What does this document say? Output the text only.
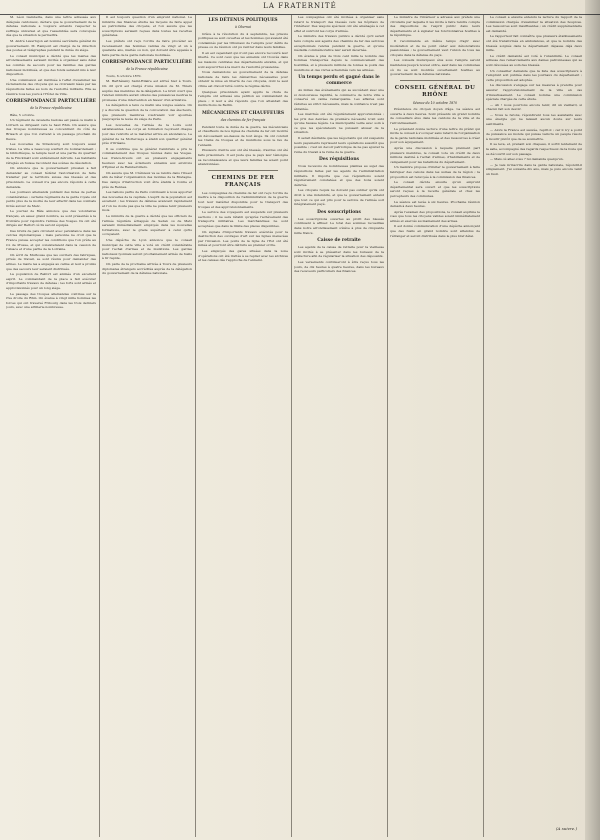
LA FRATERNITÉ

M. Léon Gambetta, dans une lettre adressée aux délégués cantonaux, déclare que le gouvernement de la défense nationale a toujours entendu respecter le suffrage universel et que l'assemblée sera convoquée dès que la situation le permettra.

M. André Lavertujon est nommé secrétaire général du gouvernement. M. Rampont est chargé de la direction des postes et télégraphes pendant la durée du siège.

Le conseil municipal a décidé que les maires des arrondissements seraient invités à organiser sans délai les comités de secours pour les familles des gardes nationaux mobilisés, et que des fonds seraient mis à leur disposition.

Une commission est instituée à l'effet d'examiner les réclamations des citoyens qui se croiraient lésés par les réquisitions faites au nom de l'autorité militaire. Elle se réunira tous les jours à l'Hôtel de Ville.

CORRESPONDANCE PARTICULIÈRE
de la France républicaine

Bâle, 5 octobre.

Un régiment de cavalerie badoise est passé ce matin à Lörrach se dirigeant vers le haut Rhin. On assure que des troupes nombreuses se concentrent du côté de Brisach et que l'on s'attend à un passage prochain du fleuve.

Les nouvelles de Strasbourg sont toujours aussi tristes. La ville a beaucoup souffert du bombardement ; la bibliothèque, le temple neuf et une partie du quartier de la Finckmatt sont entièrement détruits. Les habitants réfugiés en Suisse racontent des scènes de désolation.

On annonce que le gouvernement prussien a fait demander au conseil fédéral l'autorisation de faire transiter par le territoire suisse des blessés et des prisonniers. Le conseil n'a pas encore répondu à cette demande.

Les journaux allemands publient des listes de pertes considérables ; certains régiments de la garde royale ont perdu plus de la moitié de leur effectif dans les combats livrés autour de Metz.

Le journal de Bâle annonce que des volontaires français, en assez grand nombre, se sont présentés à la frontière pour rejoindre l'armée des Vosges. Ils ont été dirigés sur Belfort où ils seront équipés.

Des bruits de paix circulent avec persistance dans les cercles diplomatiques ; mais personne ne croit que la France puisse accepter les conditions que l'on prête au roi de Prusse, et qui consisteraient dans la cession de l'Alsace et d'une partie de la Lorraine.

On écrit de Mulhouse que les ouvriers des fabriques, privés de travail, se sont réunis pour demander des armes. Le maire les a engagés au calme et leur a promis que des secours leur seraient distribués.

La population de Belfort est animée d'un excellent esprit. Le commandant de la place a fait exécuter d'importants travaux de défense ; les forts sont armés et approvisionnés pour un long siège.

Le passage des troupes allemandes continue sur la rive droite du Rhin. On évalue à vingt mille hommes les forces qui ont traversé Fribourg dans les trois derniers jours, avec une artillerie nombreuse.

Il est toujours question d'un emprunt national. Le ministre des finances étudie les moyens de faire appel au patriotisme des citoyens, et l'on assure que les souscriptions seraient reçues dans toutes les recettes générales.

Les préfets ont reçu l'ordre de faire procéder au recensement des hommes valides de vingt et un à quarante ans, mariés ou non, qui doivent être appelés à faire partie de la garde nationale mobilisée.

CORRESPONDANCE PARTICULIÈRE
de la France républicaine

Tours, 6 octobre 1870.

M. Barthélemy Saint-Hilaire est arrivé hier à Tours. On dit qu'il est chargé d'une mission de M. Thiers auprès des membres de la délégation. Le bruit court que l'ancien ministre aurait obtenu des puissances neutres la promesse d'une intervention en faveur d'un armistice.

La délégation a tenu ce matin une longue séance. On y a discuté la question de la convocation des électeurs, que plusieurs membres voudraient voir ajournée jusqu'après la levée du siège de Paris.

Les nouvelles de l'armée de la Loire sont satisfaisantes. Les corps en formation reçoivent chaque jour des renforts et le matériel arrive en abondance. Le général de La Motterouge a établi son quartier général près d'Orléans.

Il se confirme que le général Cambriels a pris le commandement des troupes réunies dans les Vosges. Les francs-tireurs ont eu plusieurs engagements heureux avec les éclaireurs ennemis aux environs d'Épinal et de Rambervillers.

On assure que M. Crémieux va se rendre dans l'Ouest afin de hâter l'organisation des mobiles de la Bretagne. Des camps d'instruction vont être établis à Conlie et près de Rennes.

Les ballons partis de Paris continuent à nous apporter des nouvelles de la capitale. L'esprit de la population est excellent ; les travaux de défense avancent rapidement et l'on ne doute pas que la ville ne puisse tenir plusieurs mois.

Le ministre de la guerre a décidé que les officiers de l'armée régulière échappés de Sedan ou de Metz seraient immédiatement employés dans les nouvelles formations, avec le grade supérieur à celui qu'ils occupaient.

Une dépêche de Lyon annonce que le conseil municipal de cette ville a voté un crédit considérable pour l'achat d'armes et de munitions. Les gardes nationaux lyonnais seront prochainement armés de fusils à tir rapide.

On parle de la prochaine arrivée à Tours de plusieurs diplomates étrangers accrédités auprès de la délégation du gouvernement de la défense nationale.

LES DÉTENUS POLITIQUES
à Obernai

Grâce à la révolution du 4 septembre, les prisons politiques se sont ouvertes et les hommes qui avaient été condamnés par les tribunaux de l'empire pour délits de presse ou de réunion ont pu rentrer dans leurs familles.

Il en est cependant qui n'ont pas encore recouvré leur liberté. Ce sont ceux que les ennemis ont trouvés dans les maisons centrales des départements envahis, et qui sont aujourd'hui à la merci de l'autorité prussienne.

Nous demandons au gouvernement de la défense nationale de faire les démarches nécessaires pour obtenir la mise en liberté de ces citoyens, dont le seul crime est d'avoir lutté contre le régime déchu.

Quelques prisonniers ayant appris la chute de l'empire ont adressé une pétition au commandant de place ; il leur a été répondu que l'on attendait des instructions de Berlin.

MÉCANICIENS ET CHAUFFEURS
des chemins de fer français

Pendant toute la durée de la guerre, les mécaniciens et chauffeurs de nos lignes de chemins de fer ont montré un dévouement au-dessus de tout éloge. Ils ont conduit les trains de troupes et de munitions sous le feu de l'ennemi.

Plusieurs d'entre eux ont été blessés, d'autres ont été faits prisonniers. Il est juste que le pays leur témoigne sa reconnaissance et que leurs familles ne soient point abandonnées.

CHEMINS DE FER FRANÇAIS

Les compagnies de chemins de fer ont reçu l'ordre de mettre à la disposition de l'administration de la guerre tout leur matériel disponible pour le transport des troupes et des approvisionnements.

Le service des voyageurs est suspendu sur plusieurs sections ; il ne sera rétabli qu'après l'achèvement des transports militaires. Les marchandises ne sont acceptées que dans la limite des places disponibles.

On signale d'importants travaux exécutés pour la destruction des ouvrages d'art sur les lignes menacées par l'invasion. Les ponts de la ligne de l'Est ont été minés et pourront être détruits au premier ordre.

Les employés des gares situées dans la zone d'opérations ont été invités à se replier avec les archives et les caisses dès l'approche de l'ennemi.

Les compagnies ont été invitées à organiser sans retard le transport des blessés vers les hôpitaux de l'intérieur. Des wagons spéciaux ont été aménagés à cet effet et suivront les corps d'armée.

Le ministre des travaux publics a décidé qu'il serait tenu compte aux agents des chemins de fer des services exceptionnels rendus pendant la guerre, et qu'une médaille commémorative leur serait décernée.

On évalue à plus de trois cent mille le nombre des hommes transportés depuis le commencement des hostilités, et à plusieurs millions de tonnes le poids des munitions et des vivres acheminés vers les armées.

Un temps perdu et gagné dans le commerce

Au milieu des événements qui se succèdent avec une si douloureuse rapidité, le commerce de notre ville a conservé un calme remarquable. Les affaires sont réduites au strict nécessaire, mais la confiance n'est pas ébranlée.

Les marchés ont été régulièrement approvisionnés ; les prix des denrées de première nécessité n'ont subi qu'une hausse légère. La municipalité veille avec soin à ce que les spéculateurs ne puissent abuser de la situation.

Il serait désirable que les négociants qui ont suspendu leurs payements reprissent leurs opérations aussitôt que possible ; c'est un devoir patriotique de ne pas ajouter la ruine du travail à la ruine de la guerre.

Des réquisitions

Nous recevons de nombreuses plaintes au sujet des réquisitions faites par les agents de l'administration militaire. Il importe que ces réquisitions soient régulièrement constatées et que des bons soient délivrés.

Les citoyens requis ne doivent pas oublier qu'ils ont droit à une indemnité, et que le gouvernement entend que tout ce qui est pris pour le service de l'armée soit intégralement payé.

Des souscriptions

Les souscriptions ouvertes au profit des blessés continuent à affluer. Le total des sommes recueillies dans notre arrondissement s'élève à plus de cinquante mille francs.

Caisse de retraite

Les agents de la caisse de retraite pour la vieillesse sont invités à se présenter dans les bureaux de la préfecture afin de régulariser la situation des déposants.

Les versements continueront à être reçus tous les jours, de dix heures à quatre heures, dans les bureaux des receveurs particuliers des finances.

Le ministre de l'intérieur a adressé aux préfets une circulaire par laquelle il les invite à faire rendre compte des dispositions de l'esprit public dans leurs départements et à signaler les fonctionnaires hostiles à la république.

Il recommande en même temps d'agir avec modération et de ne point céder aux dénonciations passionnées ; le gouvernement veut l'union de tous les citoyens dans la défense du pays.

Les conseils municipaux élus sous l'empire seront maintenus jusqu'à nouvel ordre, sauf dans les communes où ils se sont montrés ouvertement hostiles au gouvernement de la défense nationale.

CONSEIL GÉNÉRAL DU RHÔNE
Séance du 10 octobre 1870

Présidence du citoyen doyen d'âge. La séance est ouverte à deux heures. Sont présents un grand nombre de conseillers élus dans les cantons de la ville et de l'arrondissement.

Le président donne lecture d'une lettre du préfet qui invite le conseil à s'occuper sans retard de l'organisation de la garde nationale mobilisée et des ressources à créer pour son équipement.

Après une discussion à laquelle prennent part plusieurs membres, le conseil vote un crédit de deux millions destiné à l'achat d'armes, d'habillements et de campement pour les bataillons du département.

Un membre propose d'inviter le gouvernement à faire fabriquer des canons dans les usines de la région ; la proposition est renvoyée à la commission des finances.

Le conseil décide ensuite qu'un emprunt départemental sera ouvert et que les souscriptions seront reçues à la recette générale et chez les percepteurs des communes.

La séance est levée à six heures. Prochaine réunion demain à deux heures.

Après l'examen des propositions, le conseil exprime le vœu que tous les citoyens valides soient immédiatement armés et exercés au maniement des armes.

Il est donné communication d'une dépêche annonçant que des fusils en grand nombre sont attendus de l'étranger et seront distribués dans le plus bref délai.

Le conseil a ensuite entendu la lecture du rapport de la commission chargée d'examiner la situation des hospices. Les ressources sont insuffisantes ; un crédit supplémentaire est demandé.

Le rapporteur fait connaître que plusieurs établissements ont été transformés en ambulances, et que le nombre des blessés soignés dans le département dépasse déjà deux mille.

Le crédit demandé est voté à l'unanimité. Le conseil adresse des remerciements aux dames patronnesses qui se sont dévouées au soin des blessés.

Un conseiller demande que la liste des souscripteurs à l'emprunt soit publiée dans les journaux du département ; cette proposition est adoptée.

La discussion s'engage sur les mesures à prendre pour assurer l'approvisionnement de la ville en cas d'investissement. Le conseil nomme une commission spéciale chargée de cette étude.

— Ah ! nous pourrons encore tenir, dit un vieillard, si chacun fait son devoir.

— Nous le ferons, répondirent tous les assistants avec une énergie qui ne laissait aucun doute sur leurs sentiments.

— Alors la France est sauvée, reprit-il ; car il n'y a point de puissance au monde qui puisse vaincre un peuple résolu à mourir plutôt que de se soumettre.

Il se leva, et, prenant son chapeau, il sortit lentement de la salle, accompagné des regards respectueux de la foule qui se découvrit sur son passage.

— Mais où allez-vous ? lui demanda quelqu'un.

— Je vais m'inscrire dans la garde nationale, répondit-il simplement. J'ai soixante-dix ans, mais je puis encore tenir un fusil.

(A suivre.)
